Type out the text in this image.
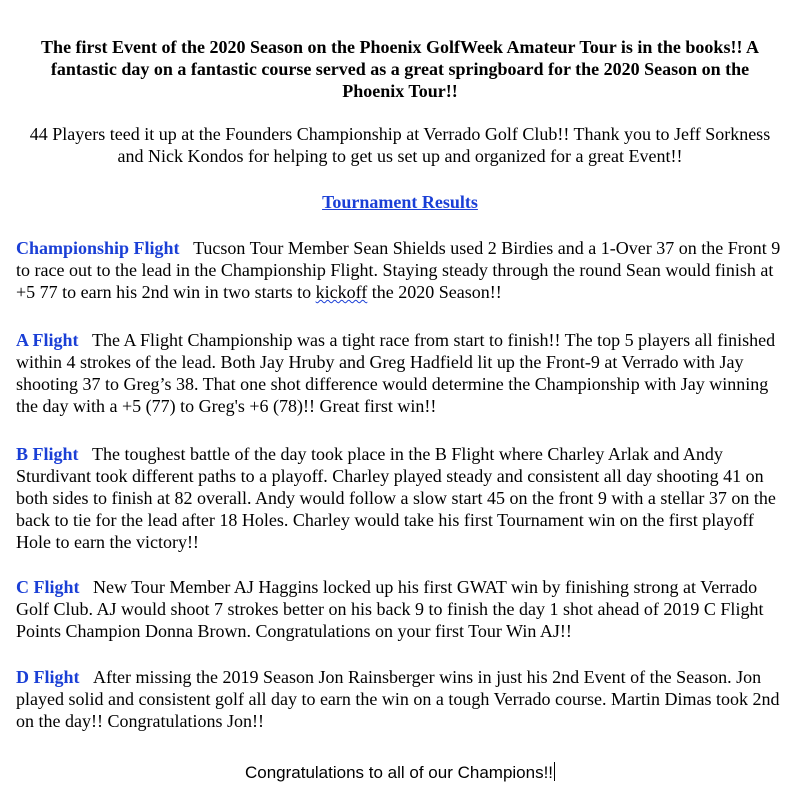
The first Event of the 2020 Season on the Phoenix GolfWeek Amateur Tour is in the books!! A fantastic day on a fantastic course served as a great springboard for the 2020 Season on the Phoenix Tour!!

44 Players teed it up at the Founders Championship at Verrado Golf Club!! Thank you to Jeff Sorkness and Nick Kondos for helping to get us set up and organized for a great Event!!

Tournament Results

Championship Flight Tucson Tour Member Sean Shields used 2 Birdies and a 1-Over 37 on the Front 9 to race out to the lead in the Championship Flight. Staying steady through the round Sean would finish at +5 77 to earn his 2nd win in two starts to kickoff the 2020 Season!!

A Flight The A Flight Championship was a tight race from start to finish!! The top 5 players all finished within 4 strokes of the lead. Both Jay Hruby and Greg Hadfield lit up the Front-9 at Verrado with Jay shooting 37 to Greg’s 38. That one shot difference would determine the Championship with Jay winning the day with a +5 (77) to Greg's +6 (78)!! Great first win!!

B Flight The toughest battle of the day took place in the B Flight where Charley Arlak and Andy Sturdivant took different paths to a playoff. Charley played steady and consistent all day shooting 41 on both sides to finish at 82 overall. Andy would follow a slow start 45 on the front 9 with a stellar 37 on the back to tie for the lead after 18 Holes. Charley would take his first Tournament win on the first playoff Hole to earn the victory!!

C Flight New Tour Member AJ Haggins locked up his first GWAT win by finishing strong at Verrado Golf Club. AJ would shoot 7 strokes better on his back 9 to finish the day 1 shot ahead of 2019 C Flight Points Champion Donna Brown. Congratulations on your first Tour Win AJ!!

D Flight After missing the 2019 Season Jon Rainsberger wins in just his 2nd Event of the Season. Jon played solid and consistent golf all day to earn the win on a tough Verrado course. Martin Dimas took 2nd on the day!! Congratulations Jon!!

Congratulations to all of our Champions!!
